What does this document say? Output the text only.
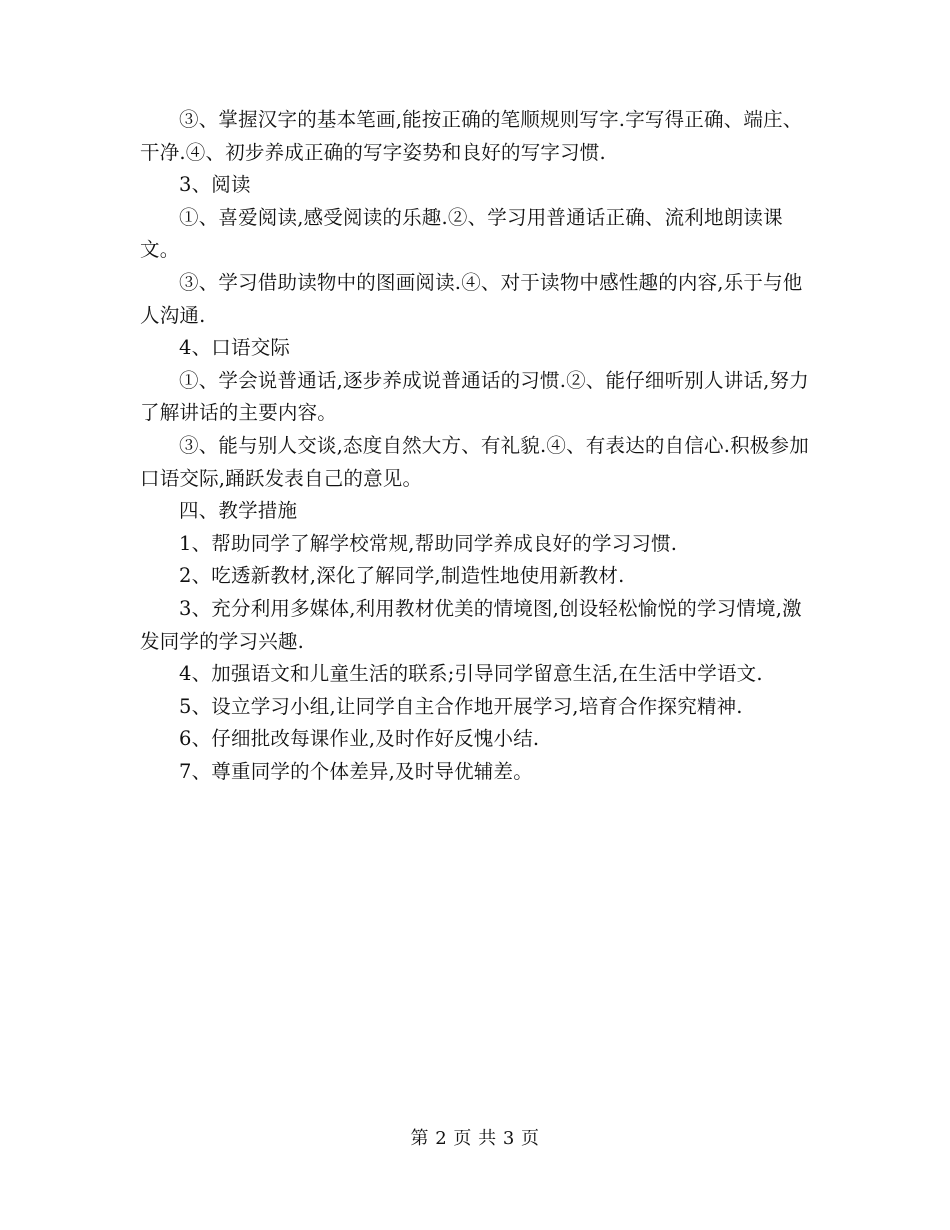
③、掌握汉字的基本笔画,能按正确的笔顺规则写字.字写得正确、端庄、干净.④、初步养成正确的写字姿势和良好的写字习惯.

3、阅读

①、喜爱阅读,感受阅读的乐趣.②、学习用普通话正确、流利地朗读课文。

③、学习借助读物中的图画阅读.④、对于读物中感性趣的内容,乐于与他人沟通.

4、口语交际

①、学会说普通话,逐步养成说普通话的习惯.②、能仔细听别人讲话,努力了解讲话的主要内容。

③、能与别人交谈,态度自然大方、有礼貌.④、有表达的自信心.积极参加口语交际,踊跃发表自己的意见。

四、教学措施

1、帮助同学了解学校常规,帮助同学养成良好的学习习惯.

2、吃透新教材,深化了解同学,制造性地使用新教材.

3、充分利用多媒体,利用教材优美的情境图,创设轻松愉悦的学习情境,激发同学的学习兴趣.

4、加强语文和儿童生活的联系;引导同学留意生活,在生活中学语文.

5、设立学习小组,让同学自主合作地开展学习,培育合作探究精神.

6、仔细批改每课作业,及时作好反愧小结.

7、尊重同学的个体差异,及时导优辅差。

第 2 页 共 3 页
